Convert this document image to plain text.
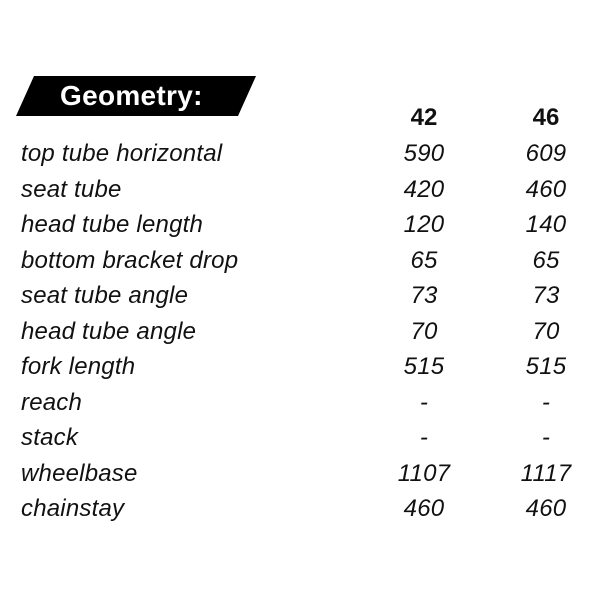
Geometry:
42	46
top tube horizontal	590	609
seat tube	420	460
head tube length	120	140
bottom bracket drop	65	65
seat tube angle	73	73
head tube angle	70	70
fork length	515	515
reach	-	-
stack	-	-
wheelbase	1107	1117
chainstay	460	460
